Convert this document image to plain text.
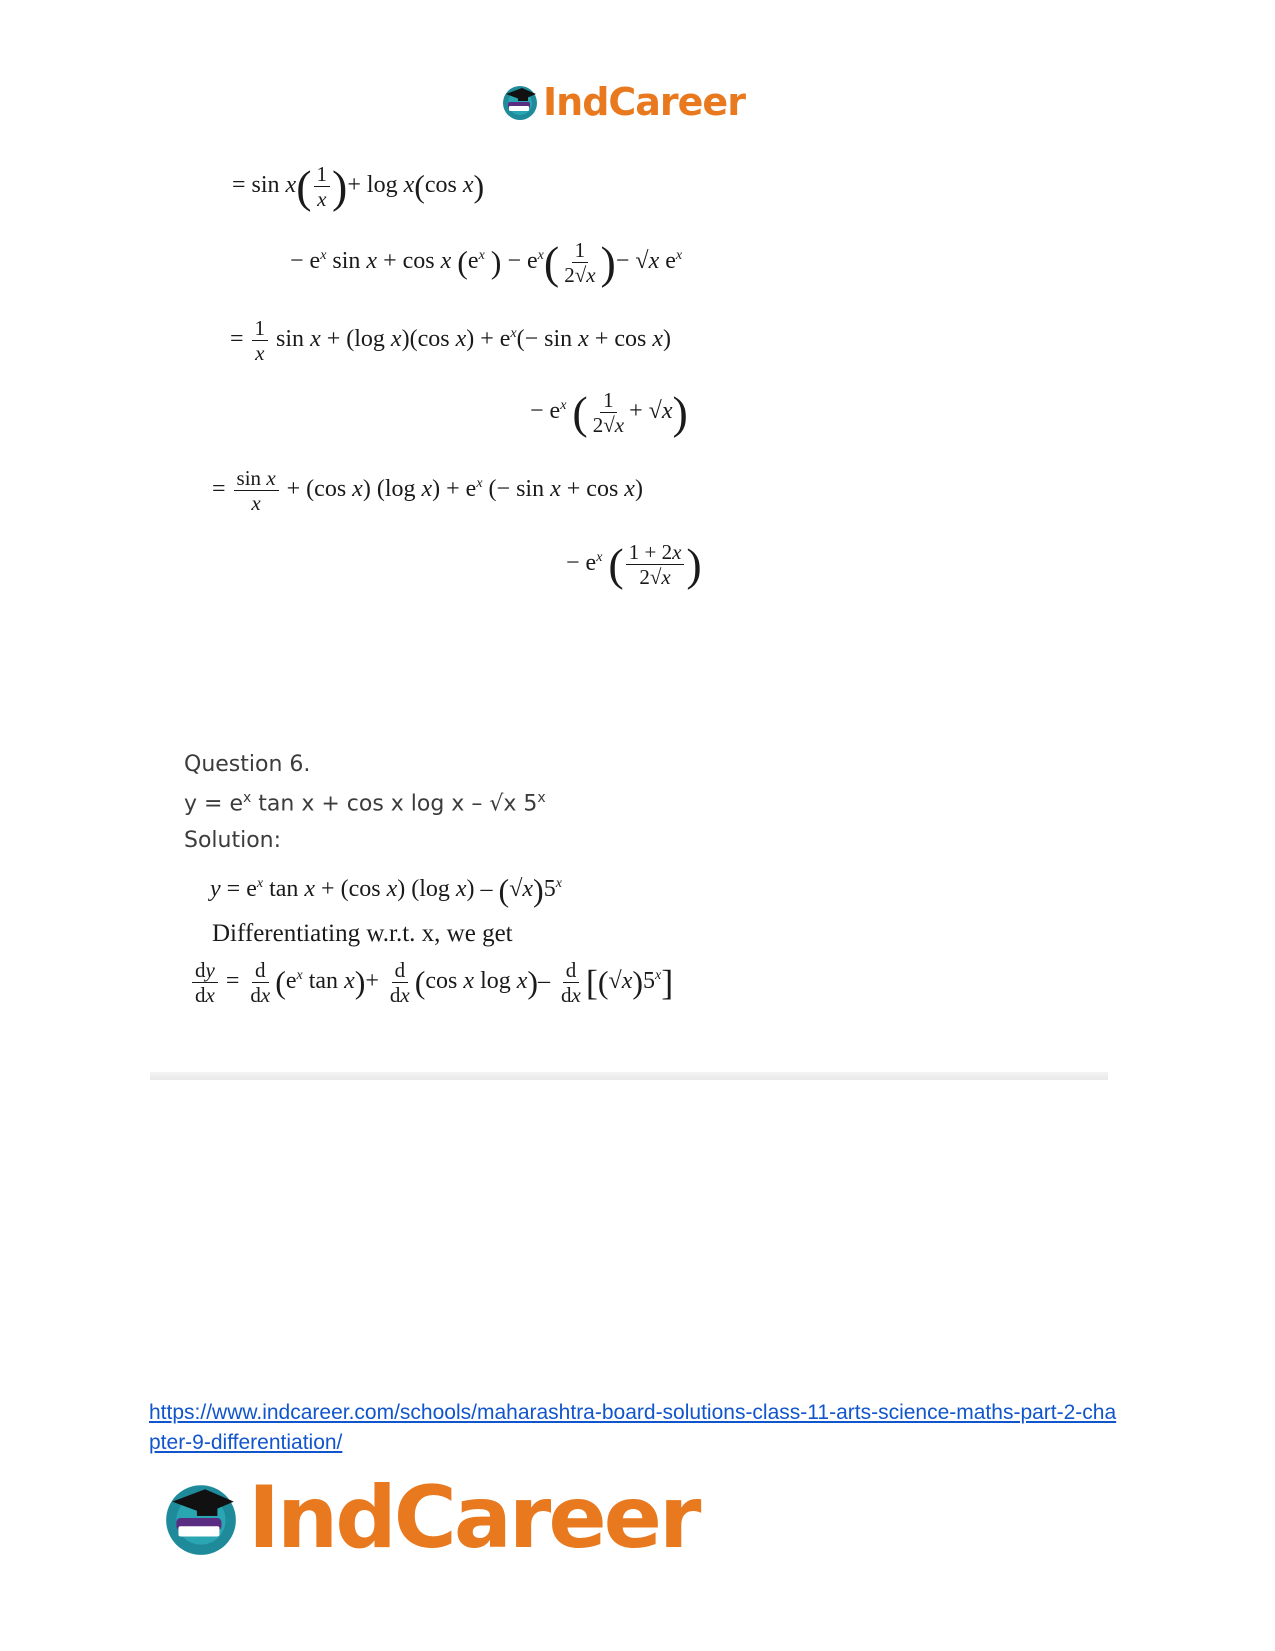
IndCareer
= $\sin x( \frac{1}{x}$ )+ log x(cos x)
− $e^x$ sin x + cos x ($e^x$ ) − $e^x( \frac{1}{2√x}$ )− √x $e^x$
= $\frac{1}{x}$ sin x + (log x)(cos $x) + e^x(- \sin x + \cos x)$
− $e^x$ ( $\frac{1}{2√x} + √x$)
= $\frac{\text{sin x}}{x} + (\cos$ x) (log $x) + e^x$ (− sin x + cos x)
− $e^x$ ( $\frac{1 + 2x}{2√x}$ )
Question 6.
$y = e^x$ tan x + cos x log x – √x 5$^x$
Solution:
$y = e^x$ tan x + (cos x) (log x) – (√x)5$^x$
Differentiating w.r.t. x, we get
$\frac{dy}{dx} = \frac{d}{dx} (e^x$ $\tan x)+ \frac{d}{dx} (\cos$ x $\log x)- \frac{d}{dx} [(√x)5^x]$
https://www.indcareer.com/schools/maharashtra-board-solutions-class-11-arts-science-maths-part-2-chapter-9-differentiation/
IndCareer
